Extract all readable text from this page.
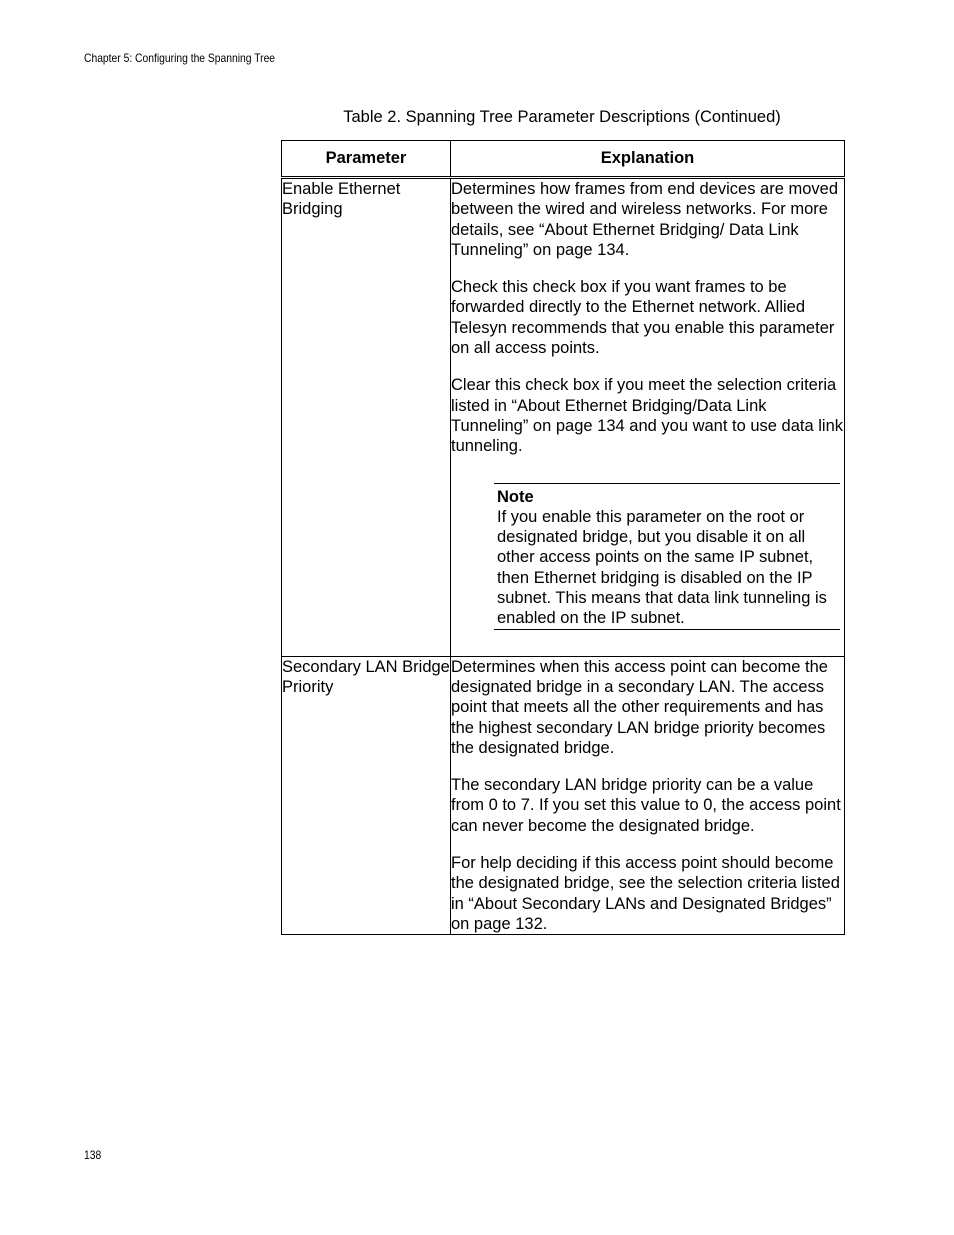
Chapter 5: Configuring the Spanning Tree
Table 2. Spanning Tree Parameter Descriptions (Continued)
Parameter	Explanation
Enable Ethernet Bridging	Determines how frames from end devices are moved between the wired and wireless networks. For more details, see “About Ethernet Bridging/ Data Link Tunneling” on page 134.

Check this check box if you want frames to be forwarded directly to the Ethernet network. Allied Telesyn recommends that you enable this parameter on all access points.

Clear this check box if you meet the selection criteria listed in “About Ethernet Bridging/Data Link Tunneling” on page 134 and you want to use data link tunneling.

Note
If you enable this parameter on the root or designated bridge, but you disable it on all other access points on the same IP subnet, then Ethernet bridging is disabled on the IP subnet. This means that data link tunneling is enabled on the IP subnet.

Secondary LAN Bridge Priority	Determines when this access point can become the designated bridge in a secondary LAN. The access point that meets all the other requirements and has the highest secondary LAN bridge priority becomes the designated bridge.

The secondary LAN bridge priority can be a value from 0 to 7. If you set this value to 0, the access point can never become the designated bridge.

For help deciding if this access point should become the designated bridge, see the selection criteria listed in “About Secondary LANs and Designated Bridges” on page 132.

138
